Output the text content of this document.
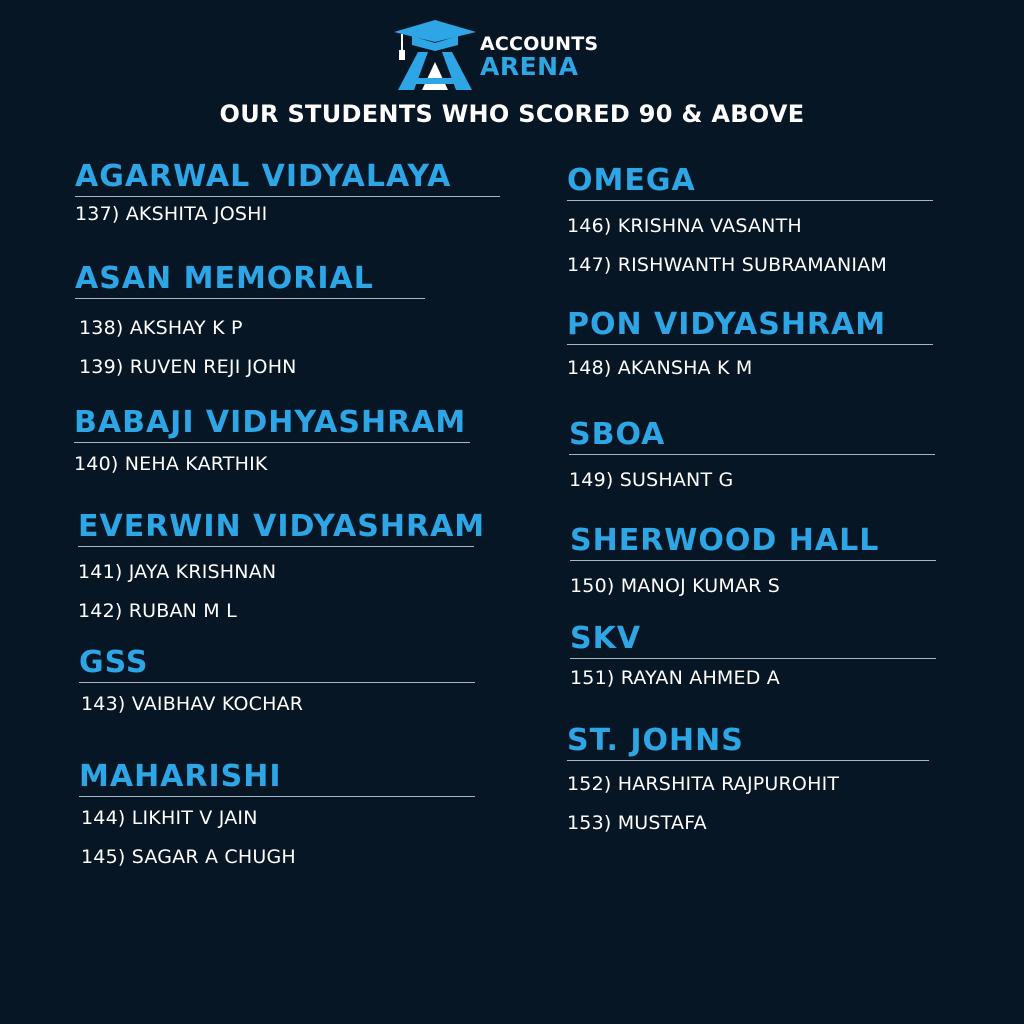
ACCOUNTS
ARENA
OUR STUDENTS WHO SCORED 90 & ABOVE
AGARWAL VIDYALAYA
137) AKSHITA JOSHI
ASAN MEMORIAL
138) AKSHAY K P
139) RUVEN REJI JOHN
BABAJI VIDHYASHRAM
140) NEHA KARTHIK
EVERWIN VIDYASHRAM
141) JAYA KRISHNAN
142) RUBAN M L
GSS
143) VAIBHAV KOCHAR
MAHARISHI
144) LIKHIT V JAIN
145) SAGAR A CHUGH
OMEGA
146) KRISHNA VASANTH
147) RISHWANTH SUBRAMANIAM
PON VIDYASHRAM
148) AKANSHA K M
SBOA
149) SUSHANT G
SHERWOOD HALL
150) MANOJ KUMAR S
SKV
151) RAYAN AHMED A
ST. JOHNS
152) HARSHITA RAJPUROHIT
153) MUSTAFA
